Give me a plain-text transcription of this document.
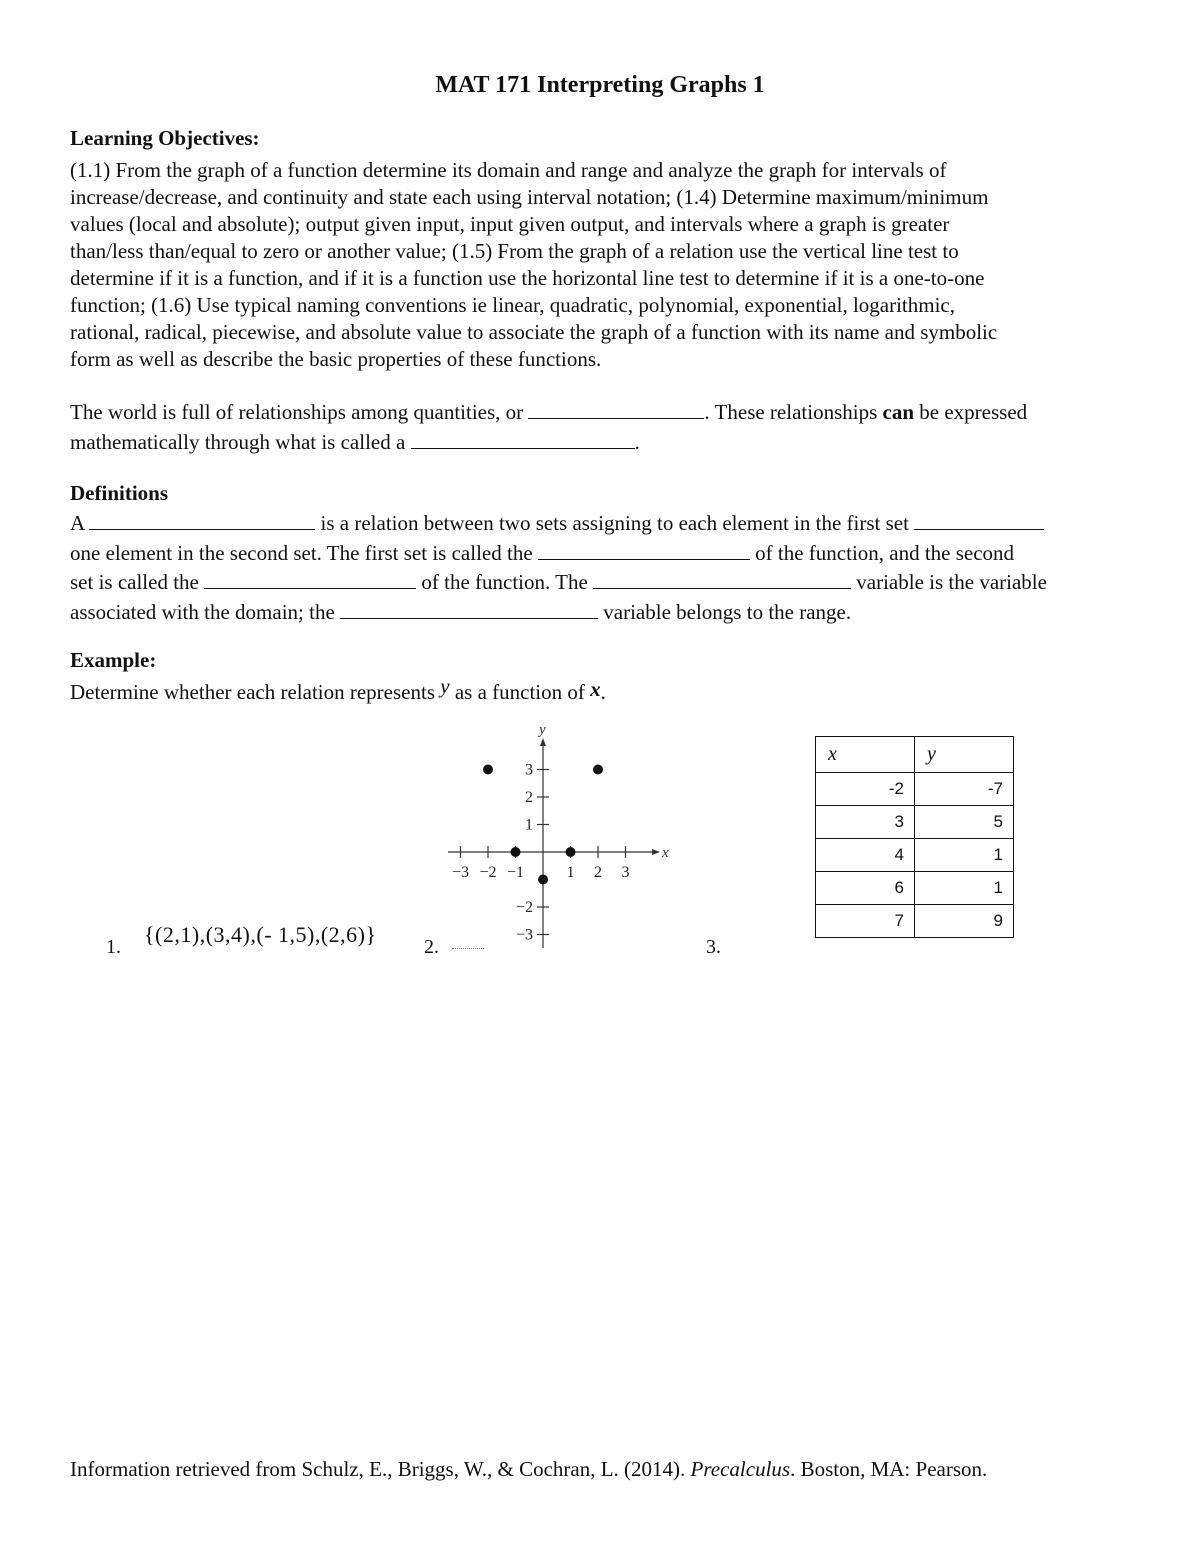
MAT 171 Interpreting Graphs 1
Learning Objectives:
(1.1) From the graph of a function determine its domain and range and analyze the graph for intervals of
increase/decrease, and continuity and state each using interval notation; (1.4) Determine maximum/minimum
values (local and absolute); output given input, input given output, and intervals where a graph is greater
than/less than/equal to zero or another value; (1.5) From the graph of a relation use the vertical line test to
determine if it is a function, and if it is a function use the horizontal line test to determine if it is a one-to-one
function; (1.6) Use typical naming conventions ie linear, quadratic, polynomial, exponential, logarithmic,
rational, radical, piecewise, and absolute value to associate the graph of a function with its name and symbolic
form as well as describe the basic properties of these functions.
The world is full of relationships among quantities, or	. These relationships can be expressed
mathematically through what is called a	.
Definitions
A	is a relation between two sets assigning to each element in the first set
one element in the second set. The first set is called the	of the function, and the second
set is called the	of the function. The	variable is the variable
associated with the domain; the	variable belongs to the range.
Example:
Determine whether each relation represents y as a function of x.
1. {(2,1),(3,4),(- 1,5),(2,6)} 2.	3.
x
y
−3 −2 −1	1 2 3
3
2
1
−2
−3
x	y
-2	-7
3	5
4	1
6	1
7	9
Information retrieved from Schulz, E., Briggs, W., & Cochran, L. (2014). Precalculus. Boston, MA: Pearson.
